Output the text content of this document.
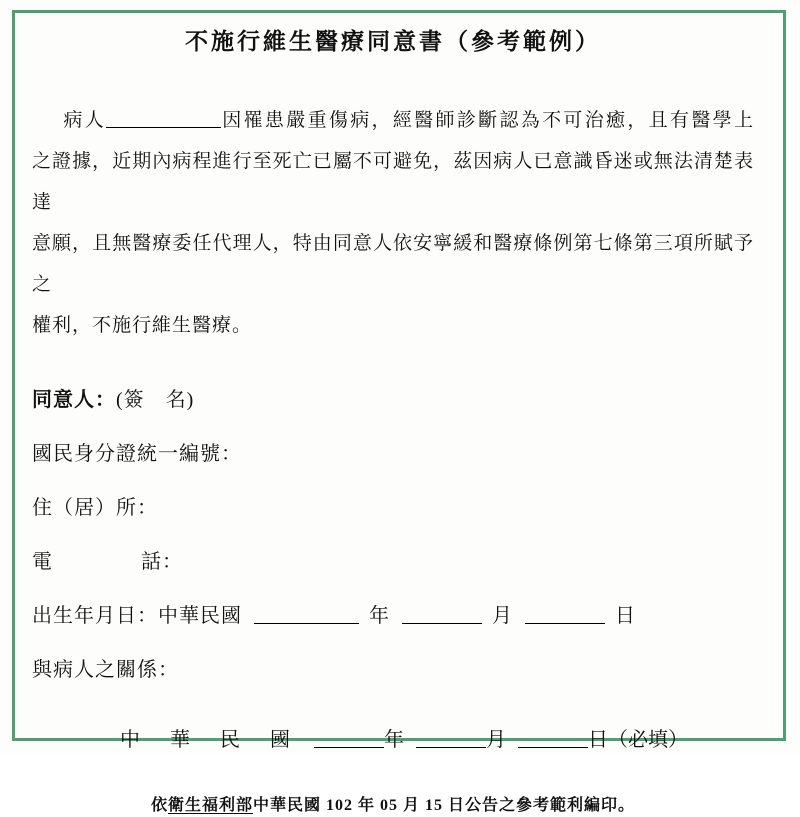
不施行維生醫療同意書（參考範例）
病人	因罹患嚴重傷病，經醫師診斷認為不可治癒，且有醫學上
之證據，近期內病程進行至死亡已屬不可避免，茲因病人已意識昏迷或無法清楚表達
意願，且無醫療委任代理人，特由同意人依安寧緩和醫療條例第七條第三項所賦予之
權利，不施行維生醫療。
同意人：(簽　名)
國民身分證統一編號：
住（居）所：
電	話：
出生年月日：中華民國	年	月	日
與病人之關係：
中華民國	年	月	日（必填）
依衛生福利部中華民國 102 年 05 月 15 日公告之參考範利編印。
